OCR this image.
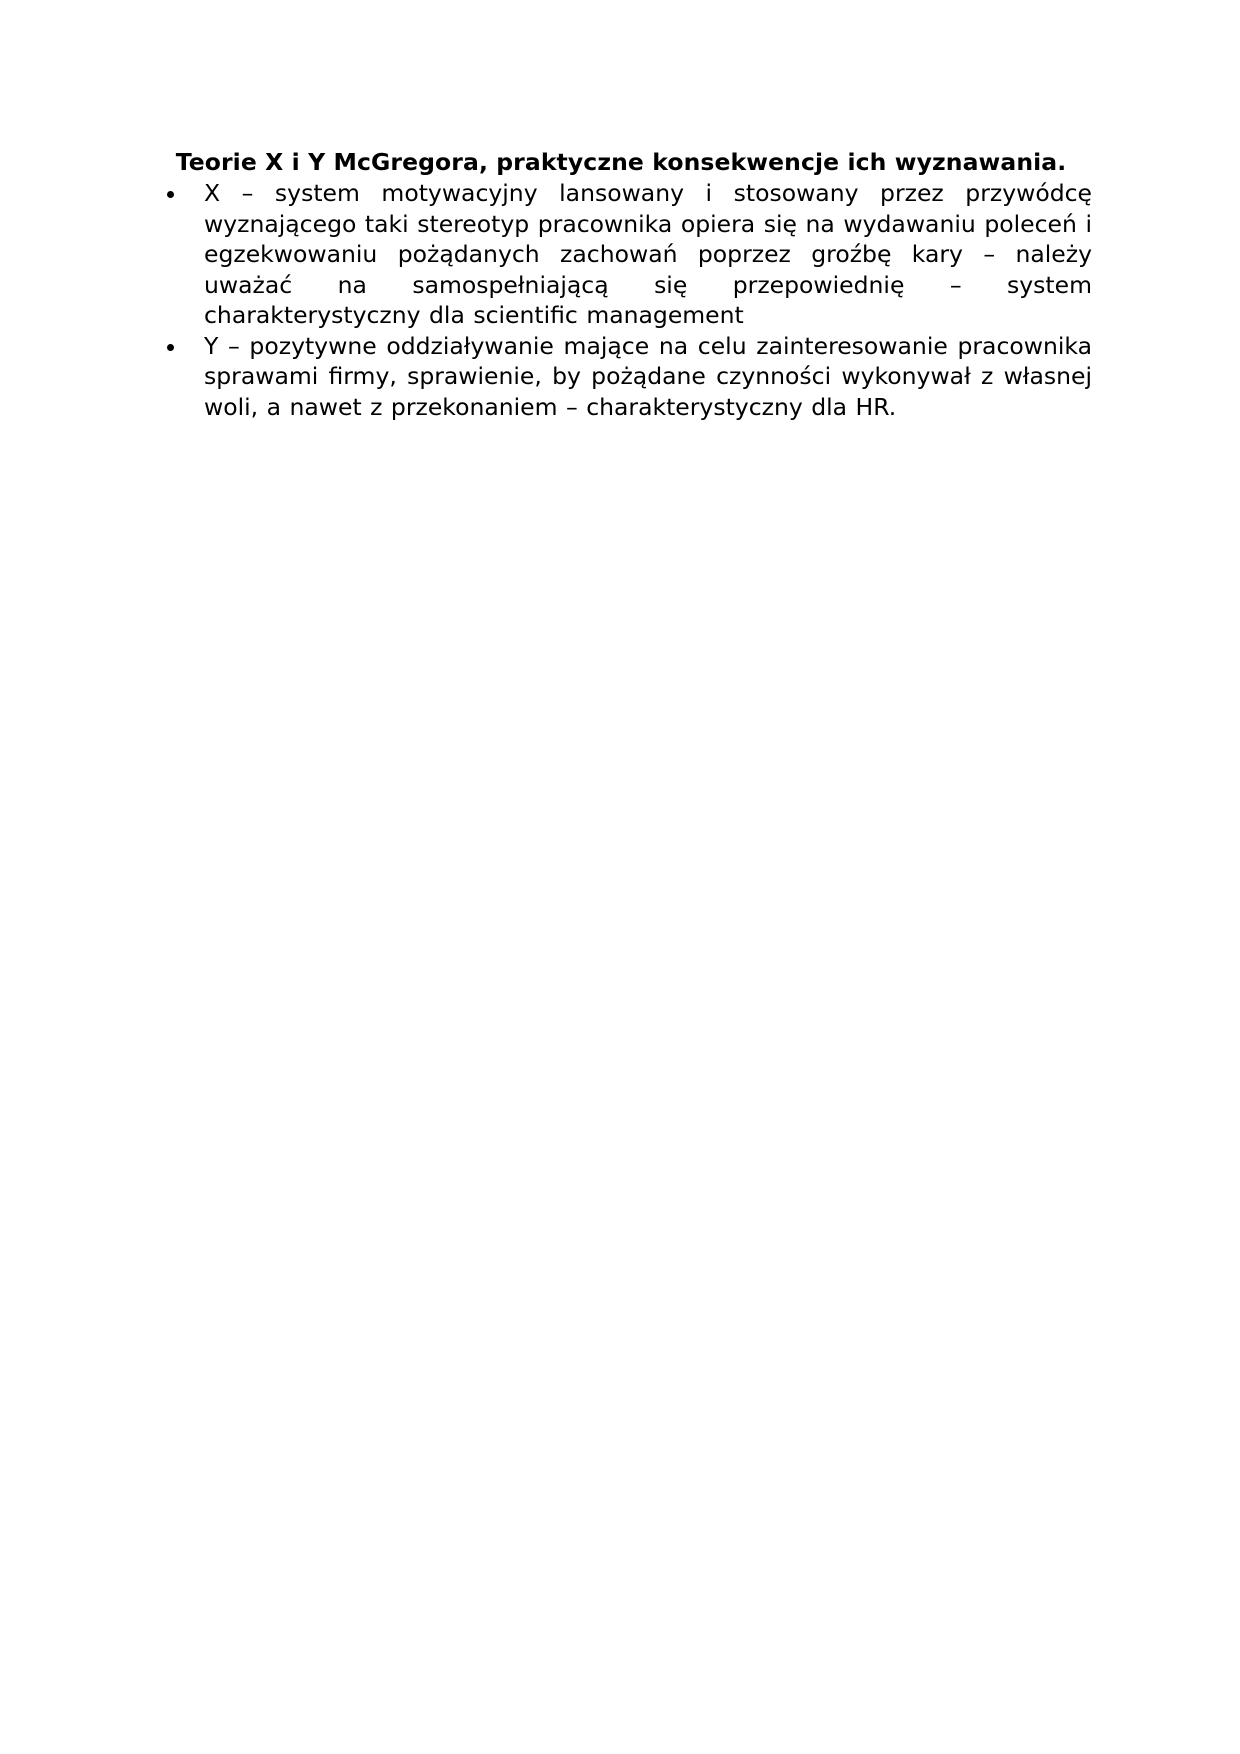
Teorie X i Y McGregora, praktyczne konsekwencje ich wyznawania.
X – system motywacyjny lansowany i stosowany przez przywódcę wyznającego taki stereotyp pracownika opiera się na wydawaniu poleceń i egzekwowaniu pożądanych zachowań poprzez groźbę kary – należy uważać na samospełniającą się przepowiednię – system charakterystyczny dla scientific management
Y – pozytywne oddziaływanie mające na celu zainteresowanie pracownika sprawami firmy, sprawienie, by pożądane czynności wykonywał z własnej woli, a nawet z przekonaniem – charakterystyczny dla HR.
